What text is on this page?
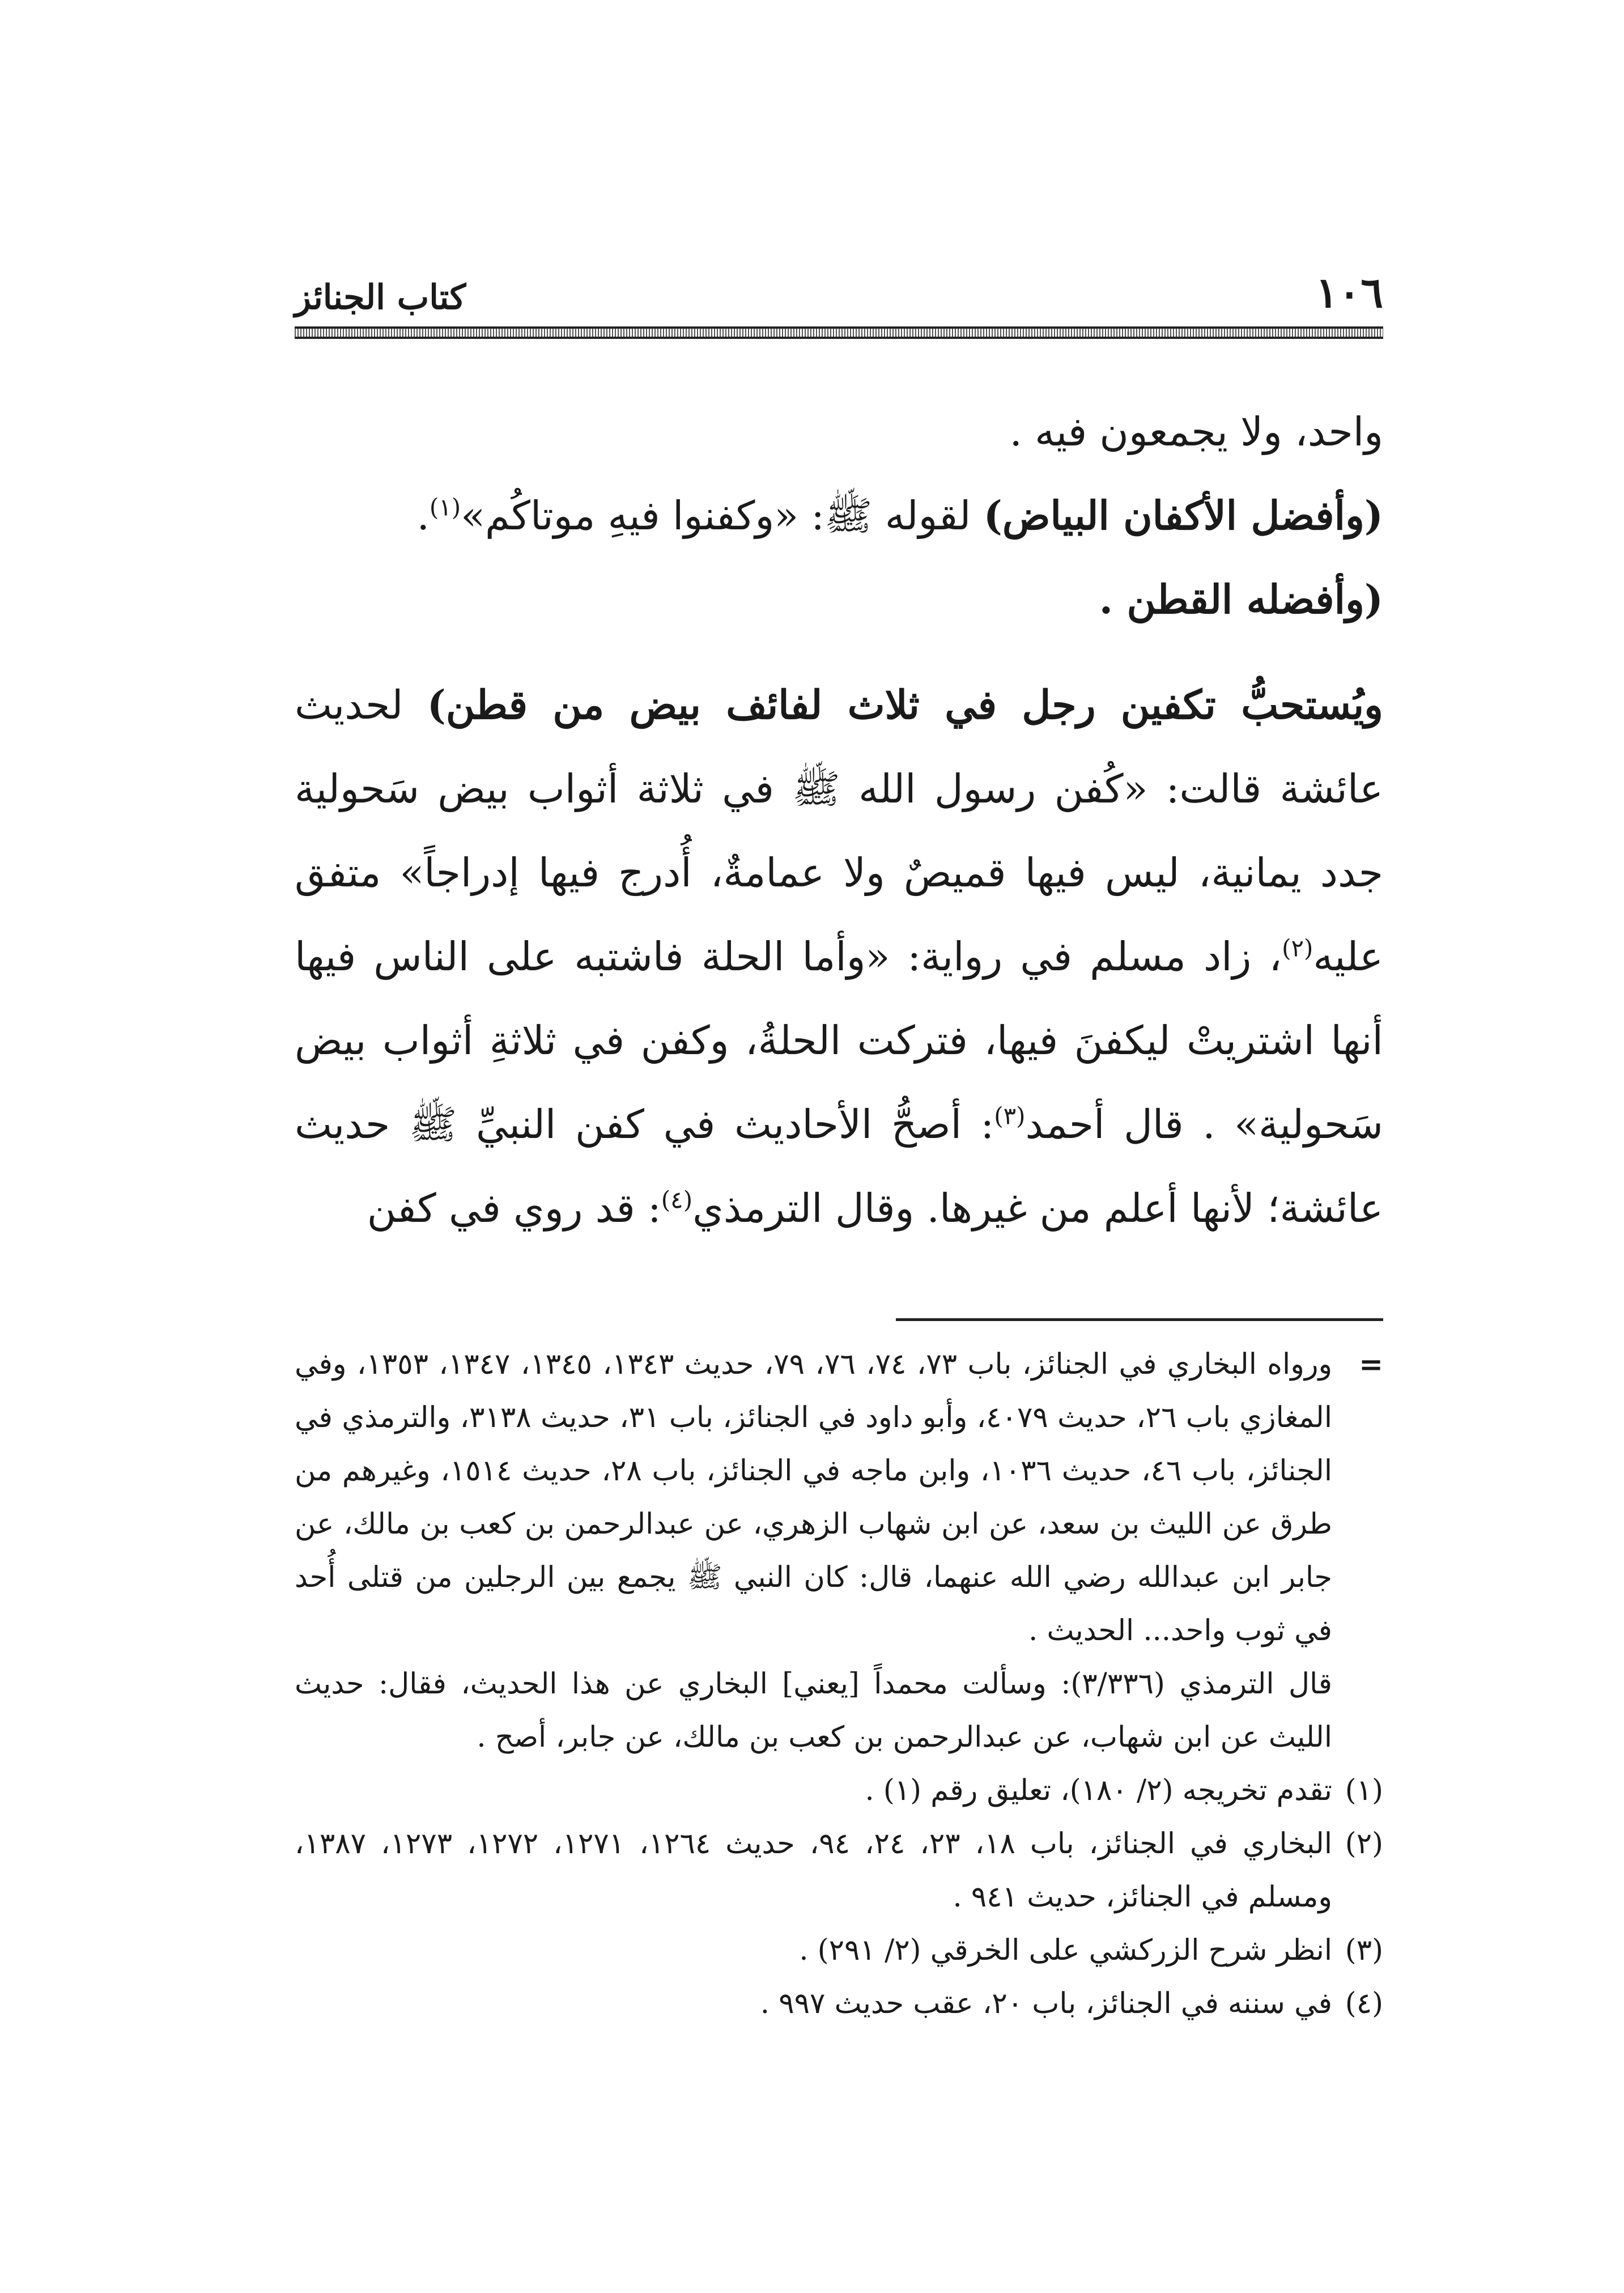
١٠٦
كتاب الجنائز

واحد، ولا يجمعون فيه .

(وأفضل الأكفان البياض) لقوله ﷺ: «وكفنوا فيهِ موتاكُم»$^{(١)}$.

(وأفضله القطن .

ويُستحبُّ تكفين رجل في ثلاث لفائف بيض من قطن) لحديث عائشة قالت: «كُفن رسول الله ﷺ في ثلاثة أثواب بيض سَحولية جدد يمانية، ليس فيها قميصٌ ولا عمامةٌ، أُدرج فيها إدراجاً» متفق عليه$^{(٢)}$، زاد مسلم في رواية: «وأما الحلة فاشتبه على الناس فيها أنها اشتريتْ ليكفنَ فيها، فتركت الحلةُ، وكفن في ثلاثةِ أثواب بيض سَحولية» . قال أحمد$^{(٣)}$: أصحُّ الأحاديث في كفن النبيِّ ﷺ حديث عائشة؛ لأنها أعلم من غيرها. وقال الترمذي$^{(٤)}$: قد روي في كفن

=
ورواه البخاري في الجنائز، باب ٧٣، ٧٤، ٧٦، ٧٩، حديث ١٣٤٣، ١٣٤٥، ١٣٤٧، ١٣٥٣، وفي المغازي باب ٢٦، حديث ٤٠٧٩، وأبو داود في الجنائز، باب ٣١، حديث ٣١٣٨، والترمذي في الجنائز، باب ٤٦، حديث ١٠٣٦، وابن ماجه في الجنائز، باب ٢٨، حديث ١٥١٤، وغيرهم من طرق عن الليث بن سعد، عن ابن شهاب الزهري، عن عبدالرحمن بن كعب بن مالك، عن جابر ابن عبدالله رضي الله عنهما، قال: كان النبي ﷺ يجمع بين الرجلين من قتلى أُحد في ثوب واحد... الحديث .
قال الترمذي (٣/٣٣٦): وسألت محمداً [يعني] البخاري عن هذا الحديث، فقال: حديث الليث عن ابن شهاب، عن عبدالرحمن بن كعب بن مالك، عن جابر، أصح .

(١)
تقدم تخريجه (٢/ ١٨٠)، تعليق رقم (١) .

(٢)
البخاري في الجنائز، باب ١٨، ٢٣، ٢٤، ٩٤، حديث ١٢٦٤، ١٢٧١، ١٢٧٢، ١٢٧٣، ١٣٨٧، ومسلم في الجنائز، حديث ٩٤١ .

(٣)
انظر شرح الزركشي على الخرقي (٢/ ٢٩١) .

(٤)
في سننه في الجنائز، باب ٢٠، عقب حديث ٩٩٧ .
